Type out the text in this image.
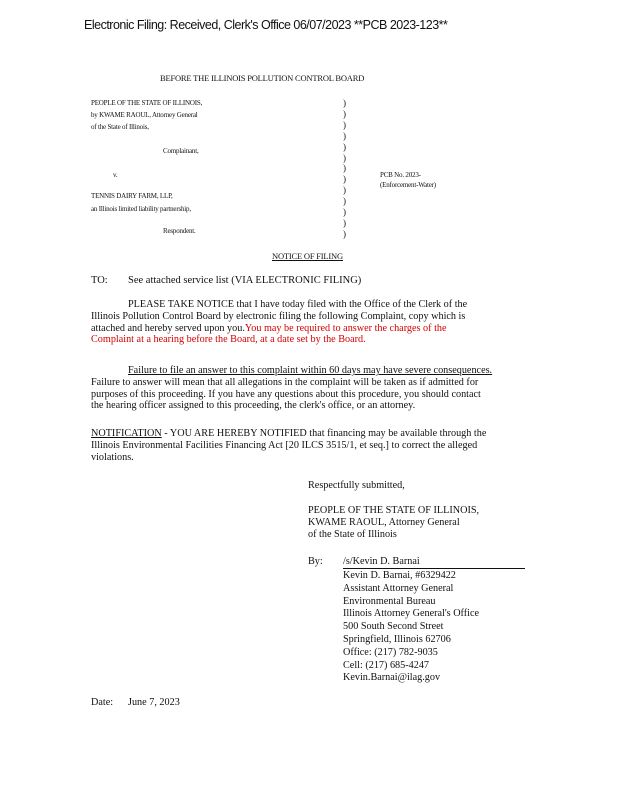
Electronic Filing: Received, Clerk's Office 06/07/2023 **PCB 2023-123**
BEFORE THE ILLINOIS POLLUTION CONTROL BOARD
PEOPLE OF THE STATE OF ILLINOIS,
by KWAME RAOUL, Attorney General
of the State of Illinois,
Complainant,
v.
TENNIS DAIRY FARM, LLP,
an Illinois limited liability partnership,
Respondent.
PCB No. 2023-
(Enforcement-Water)
)
)
)
)
)
)
)
)
)
)
)
)
)
NOTICE OF FILING
TO: See attached service list (VIA ELECTRONIC FILING)
PLEASE TAKE NOTICE that I have today filed with the Office of the Clerk of the
Illinois Pollution Control Board by electronic filing the following Complaint, copy which is
attached and hereby served upon you.You may be required to answer the charges of the
Complaint at a hearing before the Board, at a date set by the Board.
Failure to file an answer to this complaint within 60 days may have severe consequences.
Failure to answer will mean that all allegations in the complaint will be taken as if admitted for
purposes of this proceeding. If you have any questions about this procedure, you should contact
the hearing officer assigned to this proceeding, the clerk's office, or an attorney.
NOTIFICATION - YOU ARE HEREBY NOTIFIED that financing may be available through the
Illinois Environmental Facilities Financing Act [20 ILCS 3515/1, et seq.] to correct the alleged
violations.
Respectfully submitted,
PEOPLE OF THE STATE OF ILLINOIS,
KWAME RAOUL, Attorney General
of the State of Illinois
By: /s/Kevin D. Barnai
Kevin D. Barnai, #6329422
Assistant Attorney General
Environmental Bureau
Illinois Attorney General's Office
500 South Second Street
Springfield, Illinois 62706
Office: (217) 782-9035
Cell: (217) 685-4247
Kevin.Barnai@ilag.gov
Date: June 7, 2023
